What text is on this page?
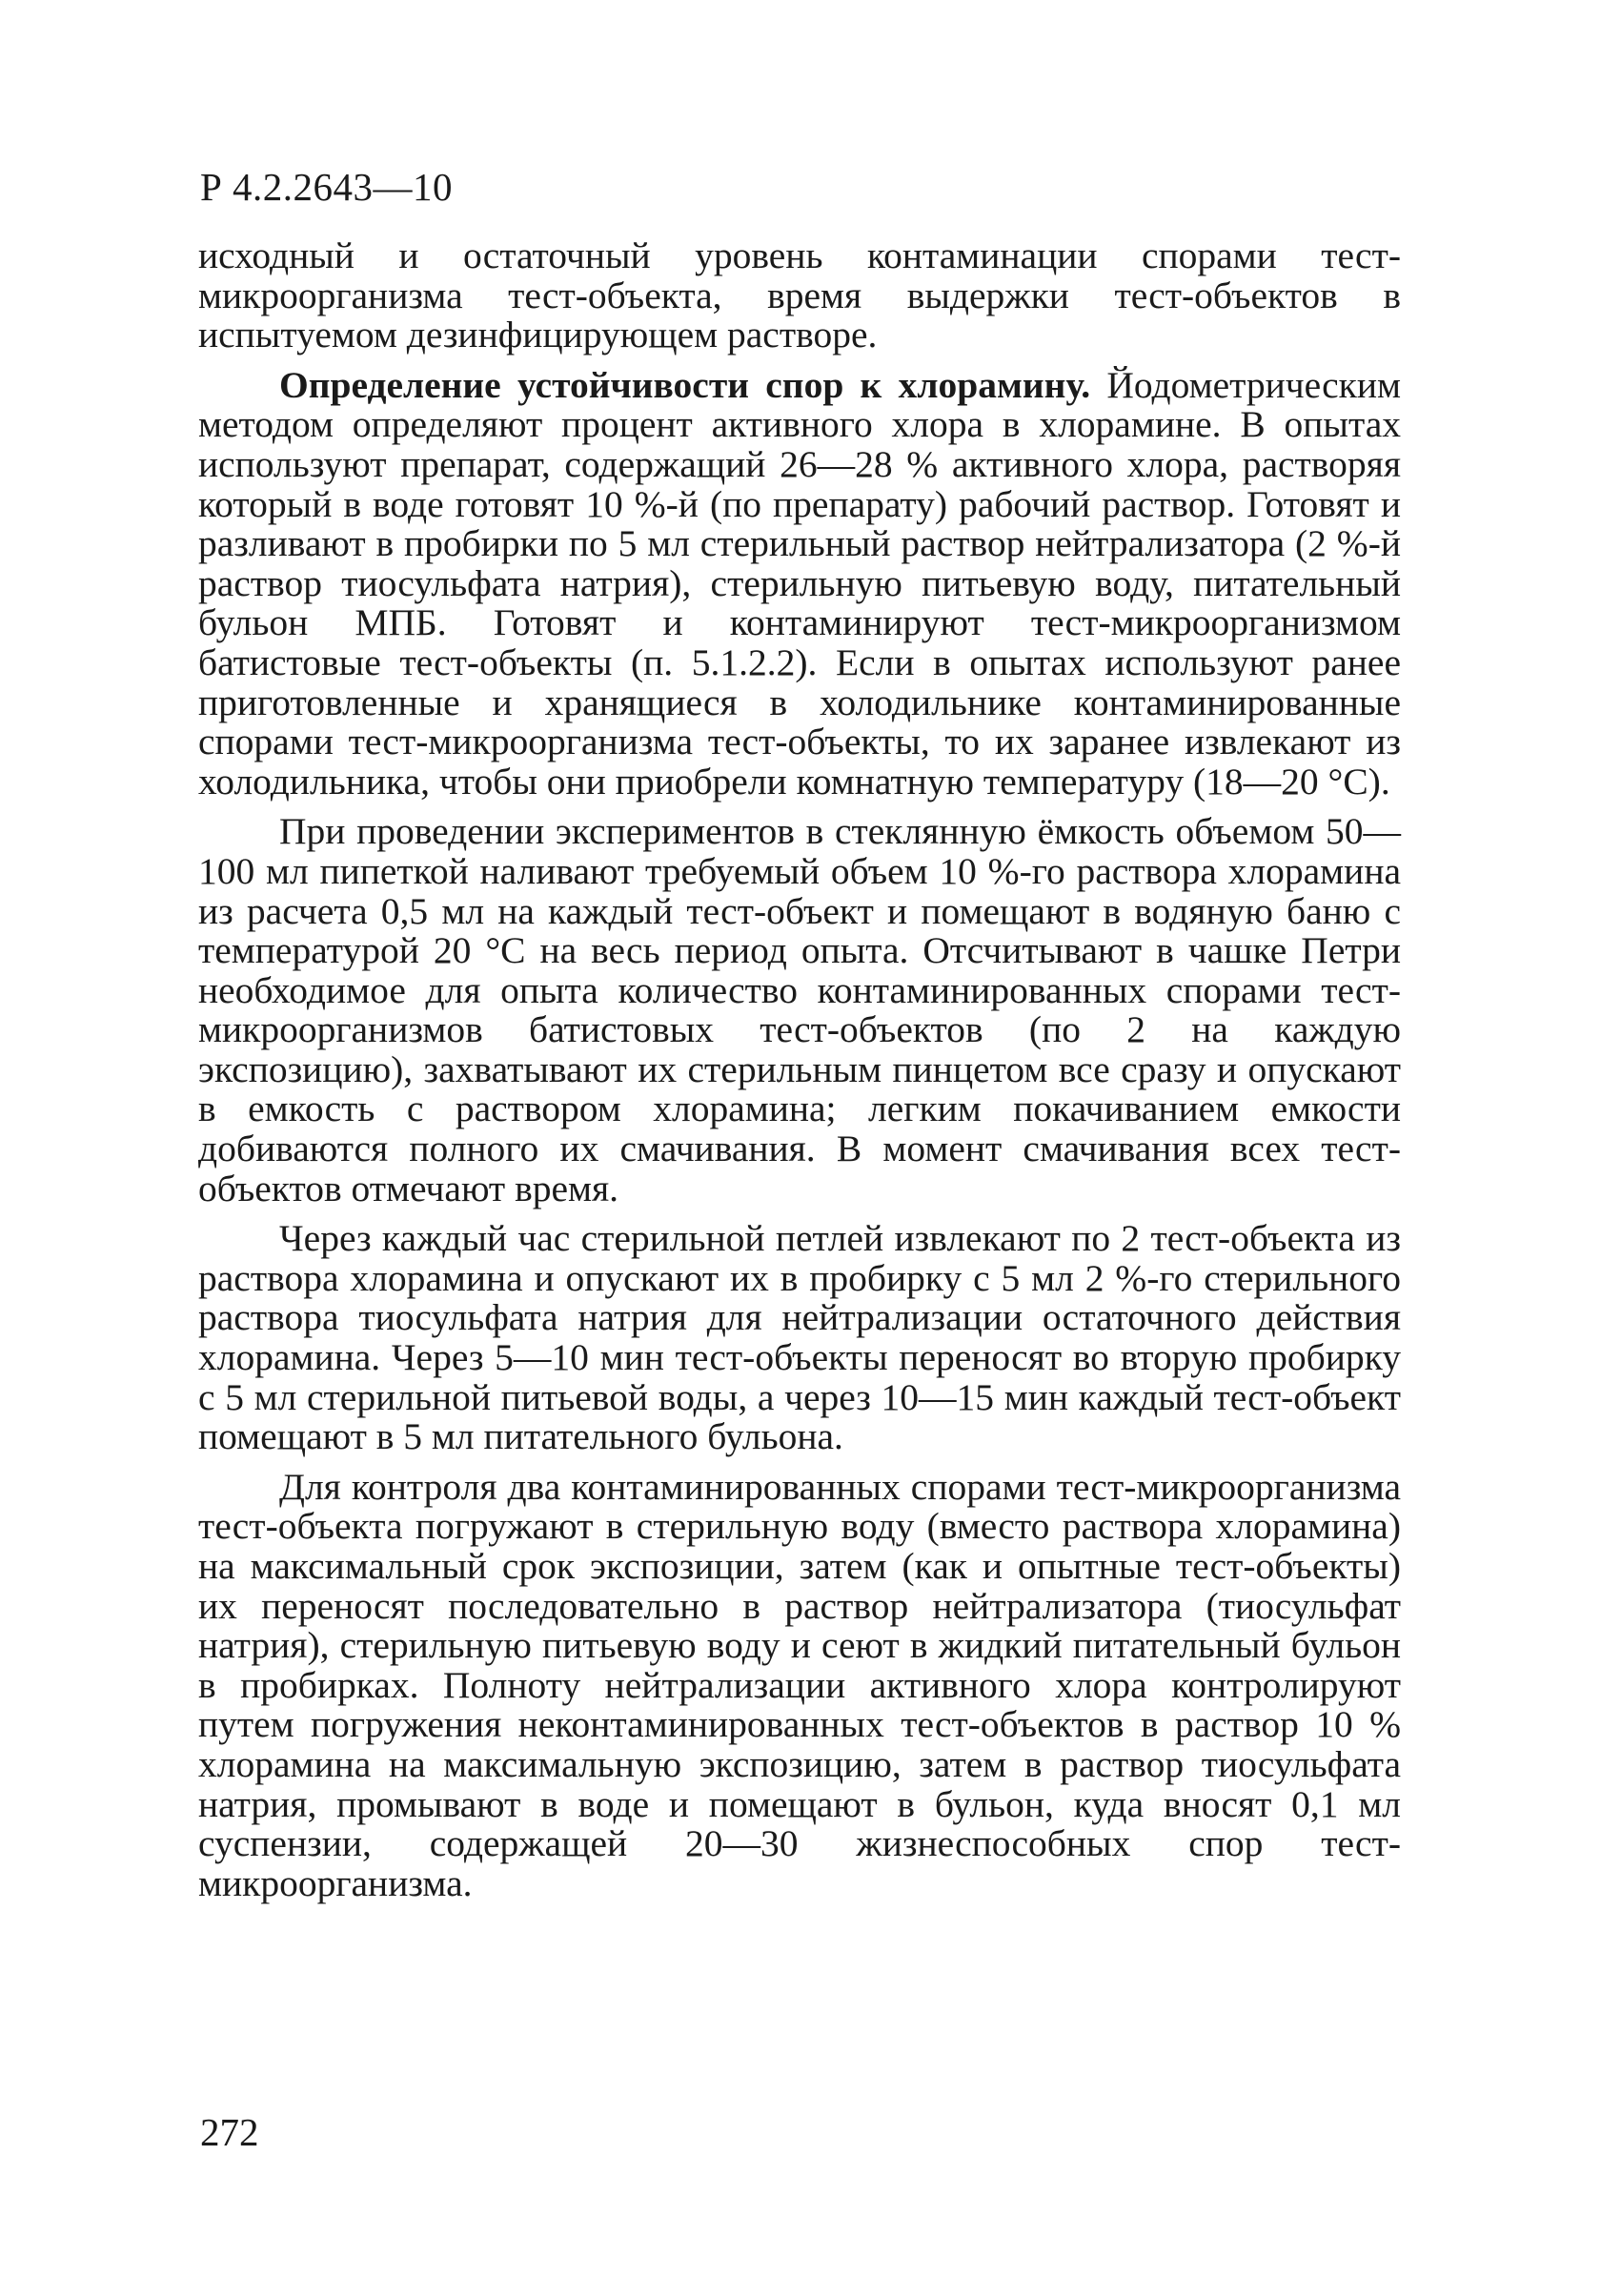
Р 4.2.2643—10

исходный и остаточный уровень контаминации спорами тест-микроорганизма тест-объекта, время выдержки тест-объектов в испытуемом дезинфицирующем растворе.

Определение устойчивости спор к хлорамину. Йодометрическим методом определяют процент активного хлора в хлорамине. В опытах используют препарат, содержащий 26—28 % активного хлора, растворяя который в воде готовят 10 %-й (по препарату) рабочий раствор. Готовят и разливают в пробирки по 5 мл стерильный раствор нейтрализатора (2 %-й раствор тиосульфата натрия), стерильную питьевую воду, питательный бульон МПБ. Готовят и контаминируют тест-микроорганизмом батистовые тест-объекты (п. 5.1.2.2). Если в опытах используют ранее приготовленные и хранящиеся в холодильнике контаминированные спорами тест-микроорганизма тест-объекты, то их заранее извлекают из холодильника, чтобы они приобрели комнатную температуру (18—20 °С).

При проведении экспериментов в стеклянную ёмкость объемом 50—100 мл пипеткой наливают требуемый объем 10 %-го раствора хлорамина из расчета 0,5 мл на каждый тест-объект и помещают в водяную баню с температурой 20 °С на весь период опыта. Отсчитывают в чашке Петри необходимое для опыта количество контаминированных спорами тест-микроорганизмов батистовых тест-объектов (по 2 на каждую экспозицию), захватывают их стерильным пинцетом все сразу и опускают в емкость с раствором хлорамина; легким покачиванием емкости добиваются полного их смачивания. В момент смачивания всех тест-объектов отмечают время.

Через каждый час стерильной петлей извлекают по 2 тест-объекта из раствора хлорамина и опускают их в пробирку с 5 мл 2 %-го стерильного раствора тиосульфата натрия для нейтрализации остаточного действия хлорамина. Через 5—10 мин тест-объекты переносят во вторую пробирку с 5 мл стерильной питьевой воды, а через 10—15 мин каждый тест-объект помещают в 5 мл питательного бульона.

Для контроля два контаминированных спорами тест-микроорганизма тест-объекта погружают в стерильную воду (вместо раствора хлорамина) на максимальный срок экспозиции, затем (как и опытные тест-объекты) их переносят последовательно в раствор нейтрализатора (тиосульфат натрия), стерильную питьевую воду и сеют в жидкий питательный бульон в пробирках. Полноту нейтрализации активного хлора контролируют путем погружения неконтаминированных тест-объектов в раствор 10 % хлорамина на максимальную экспозицию, затем в раствор тиосульфата натрия, промывают в воде и помещают в бульон, куда вносят 0,1 мл суспензии, содержащей 20—30 жизнеспособных спор тест-микроорганизма.

272
